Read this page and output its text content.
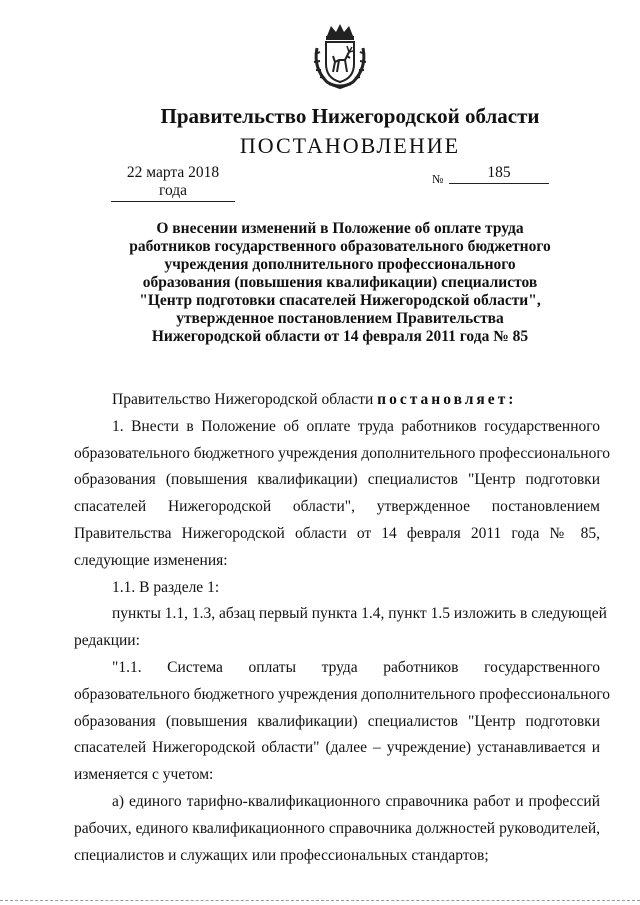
Правительство Нижегородской области
ПОСТАНОВЛЕНИЕ
22 марта 2018 года
№	185
О внесении изменений в Положение об оплате труда
работников государственного образовательного бюджетного
учреждения дополнительного профессионального
образования (повышения квалификации) специалистов
"Центр подготовки спасателей Нижегородской области",
утвержденное постановлением Правительства
Нижегородской области от 14 февраля 2011 года № 85
Правительство Нижегородской области постановляет:
1. Внести в Положение об оплате труда работников государственного
образовательного бюджетного учреждения дополнительного профессионального
образования (повышения квалификации) специалистов "Центр подготовки
спасателей Нижегородской области", утвержденное постановлением
Правительства Нижегородской области от 14 февраля 2011 года № 85,
следующие изменения:
1.1. В разделе 1:
пункты 1.1, 1.3, абзац первый пункта 1.4, пункт 1.5 изложить в следующей
редакции:
"1.1. Система оплаты труда работников государственного
образовательного бюджетного учреждения дополнительного профессионального
образования (повышения квалификации) специалистов "Центр подготовки
спасателей Нижегородской области" (далее – учреждение) устанавливается и
изменяется с учетом:
а) единого тарифно-квалификационного справочника работ и профессий
рабочих, единого квалификационного справочника должностей руководителей,
специалистов и служащих или профессиональных стандартов;
